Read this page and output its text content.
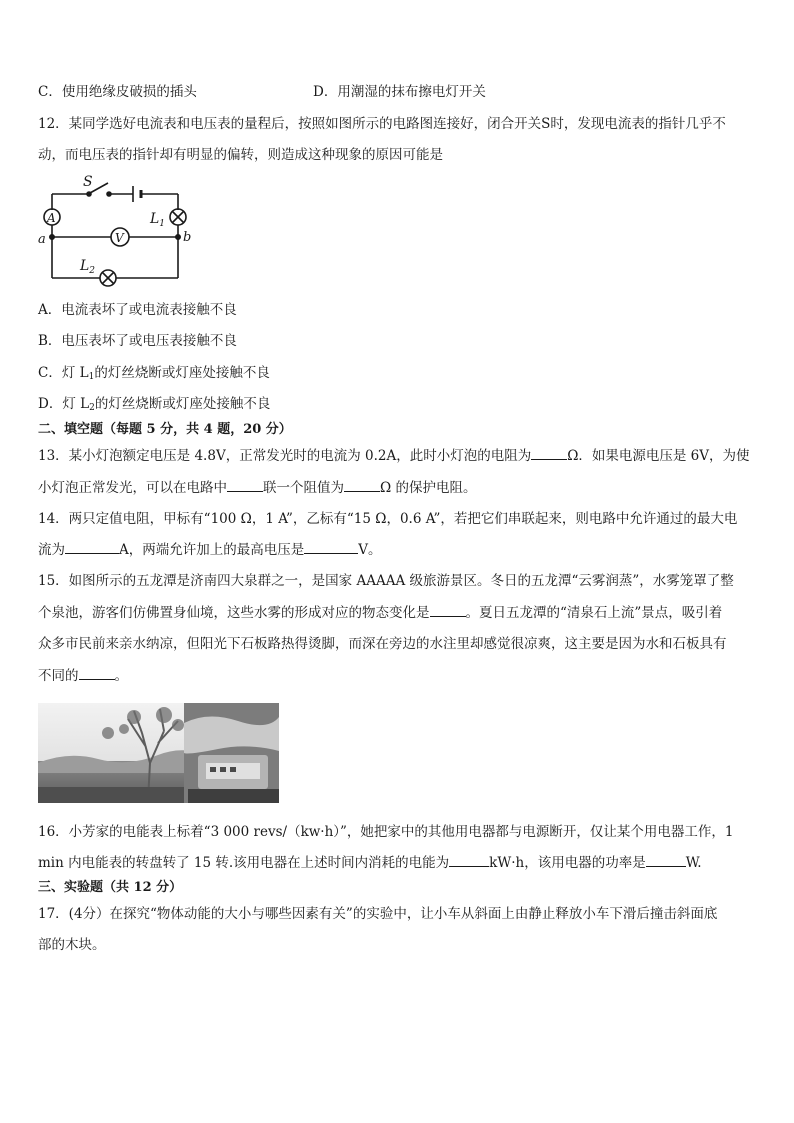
C．使用绝缘皮破损的插头	D．用潮湿的抹布擦电灯开关
12．某同学选好电流表和电压表的量程后，按照如图所示的电路图连接好，闭合开关S时，发现电流表的指针几乎不
动，而电压表的指针却有明显的偏转，则造成这种现象的原因可能是
S
A	$L_1$
V
a	b
$L_2$
A．电流表坏了或电流表接触不良
B．电压表坏了或电压表接触不良
C．灯 $L_1$的灯丝烧断或灯座处接触不良
D．灯 $L_2$的灯丝烧断或灯座处接触不良
二、填空题（每题 5 分，共 4 题，20 分）
13．某小灯泡额定电压是 4.8V，正常发光时的电流为 0.2A，此时小灯泡的电阻为	Ω．如果电源电压是 6V，为使
小灯泡正常发光，可以在电路中	联一个阻值为	Ω 的保护电阻。
14．两只定值电阻，甲标有“100 Ω，1 A”，乙标有“15 Ω，0.6 A”，若把它们串联起来，则电路中允许通过的最大电
流为	A，两端允许加上的最高电压是	V。
15．如图所示的五龙潭是济南四大泉群之一，是国家 AAAAA 级旅游景区。冬日的五龙潭“云雾润蒸”，水雾笼罩了整
个泉池，游客们仿佛置身仙境，这些水雾的形成对应的物态变化是	。夏日五龙潭的“清泉石上流”景点，吸引着
众多市民前来亲水纳凉，但阳光下石板路热得烫脚，而深在旁边的水注里却感觉很凉爽，这主要是因为水和石板具有
不同的	。
16．小芳家的电能表上标着“3 000 revs/（kw·h）”，她把家中的其他用电器都与电源断开，仅让某个用电器工作，1
min 内电能表的转盘转了 15 转.该用电器在上述时间内消耗的电能为	kW·h，该用电器的功率是	W.
三、实验题（共 12 分）
17．(4分）在探究“物体动能的大小与哪些因素有关”的实验中，让小车从斜面上由静止释放小车下滑后撞击斜面底
部的木块。
